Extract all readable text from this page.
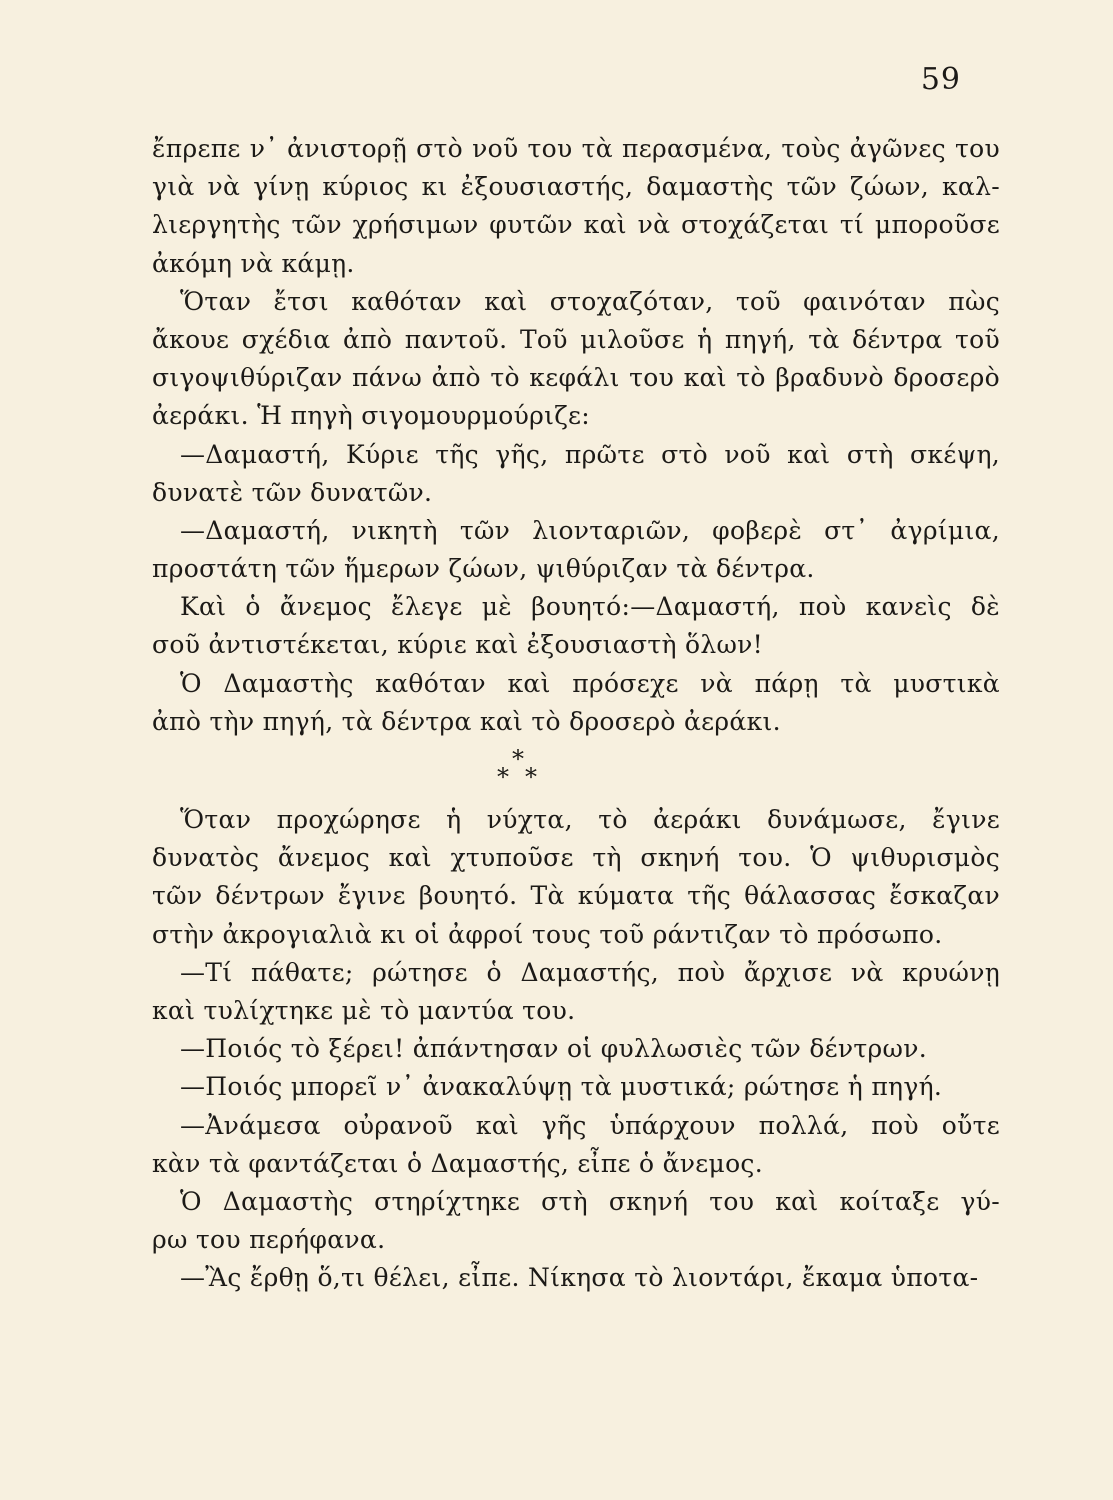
59
ἔπρεπε ν᾽ ἀνιστορῇ στὸ νοῦ του τὰ περασμένα, τοὺς ἀγῶνες του
γιὰ νὰ γίνῃ κύριος κι ἐξουσιαστής, δαμαστὴς τῶν ζώων, καλ-
λιεργητὴς τῶν χρήσιμων φυτῶν καὶ νὰ στοχάζεται τί μποροῦσε
ἀκόμη νὰ κάμῃ.
Ὅταν ἔτσι καθόταν καὶ στοχαζόταν, τοῦ φαινόταν πὼς
ἄκουε σχέδια ἀπὸ παντοῦ. Τοῦ μιλοῦσε ἡ πηγή, τὰ δέντρα τοῦ
σιγοψιθύριζαν πάνω ἀπὸ τὸ κεφάλι του καὶ τὸ βραδυνὸ δροσερὸ
ἀεράκι. Ἡ πηγὴ σιγομουρμούριζε:
—Δαμαστή, Κύριε τῆς γῆς, πρῶτε στὸ νοῦ καὶ στὴ σκέψη,
δυνατὲ τῶν δυνατῶν.
—Δαμαστή, νικητὴ τῶν λιονταριῶν, φοβερὲ στ᾽ ἀγρίμια,
προστάτη τῶν ἥμερων ζώων, ψιθύριζαν τὰ δέντρα.
Καὶ ὁ ἄνεμος ἔλεγε μὲ βουητό:—Δαμαστή, ποὺ κανεὶς δὲ
σοῦ ἀντιστέκεται, κύριε καὶ ἐξουσιαστὴ ὅλων!
Ὁ Δαμαστὴς καθόταν καὶ πρόσεχε νὰ πάρῃ τὰ μυστικὰ
ἀπὸ τὴν πηγή, τὰ δέντρα καὶ τὸ δροσερὸ ἀεράκι.
*
* *
Ὅταν προχώρησε ἡ νύχτα, τὸ ἀεράκι δυνάμωσε, ἔγινε
δυνατὸς ἄνεμος καὶ χτυποῦσε τὴ σκηνή του. Ὁ ψιθυρισμὸς
τῶν δέντρων ἔγινε βουητό. Τὰ κύματα τῆς θάλασσας ἔσκαζαν
στὴν ἀκρογιαλιὰ κι οἱ ἀφροί τους τοῦ ράντιζαν τὸ πρόσωπο.
—Τί πάθατε; ρώτησε ὁ Δαμαστής, ποὺ ἄρχισε νὰ κρυώνῃ
καὶ τυλίχτηκε μὲ τὸ μαντύα του.
—Ποιός τὸ ξέρει! ἀπάντησαν οἱ φυλλωσιὲς τῶν δέντρων.
—Ποιός μπορεῖ ν᾽ ἀνακαλύψῃ τὰ μυστικά; ρώτησε ἡ πηγή.
—Ἀνάμεσα οὐρανοῦ καὶ γῆς ὑπάρχουν πολλά, ποὺ οὔτε
κὰν τὰ φαντάζεται ὁ Δαμαστής, εἶπε ὁ ἄνεμος.
Ὁ Δαμαστὴς στηρίχτηκε στὴ σκηνή του καὶ κοίταξε γύ-
ρω του περήφανα.
—Ἂς ἔρθῃ ὅ,τι θέλει, εἶπε. Νίκησα τὸ λιοντάρι, ἔκαμα ὑποτα-
